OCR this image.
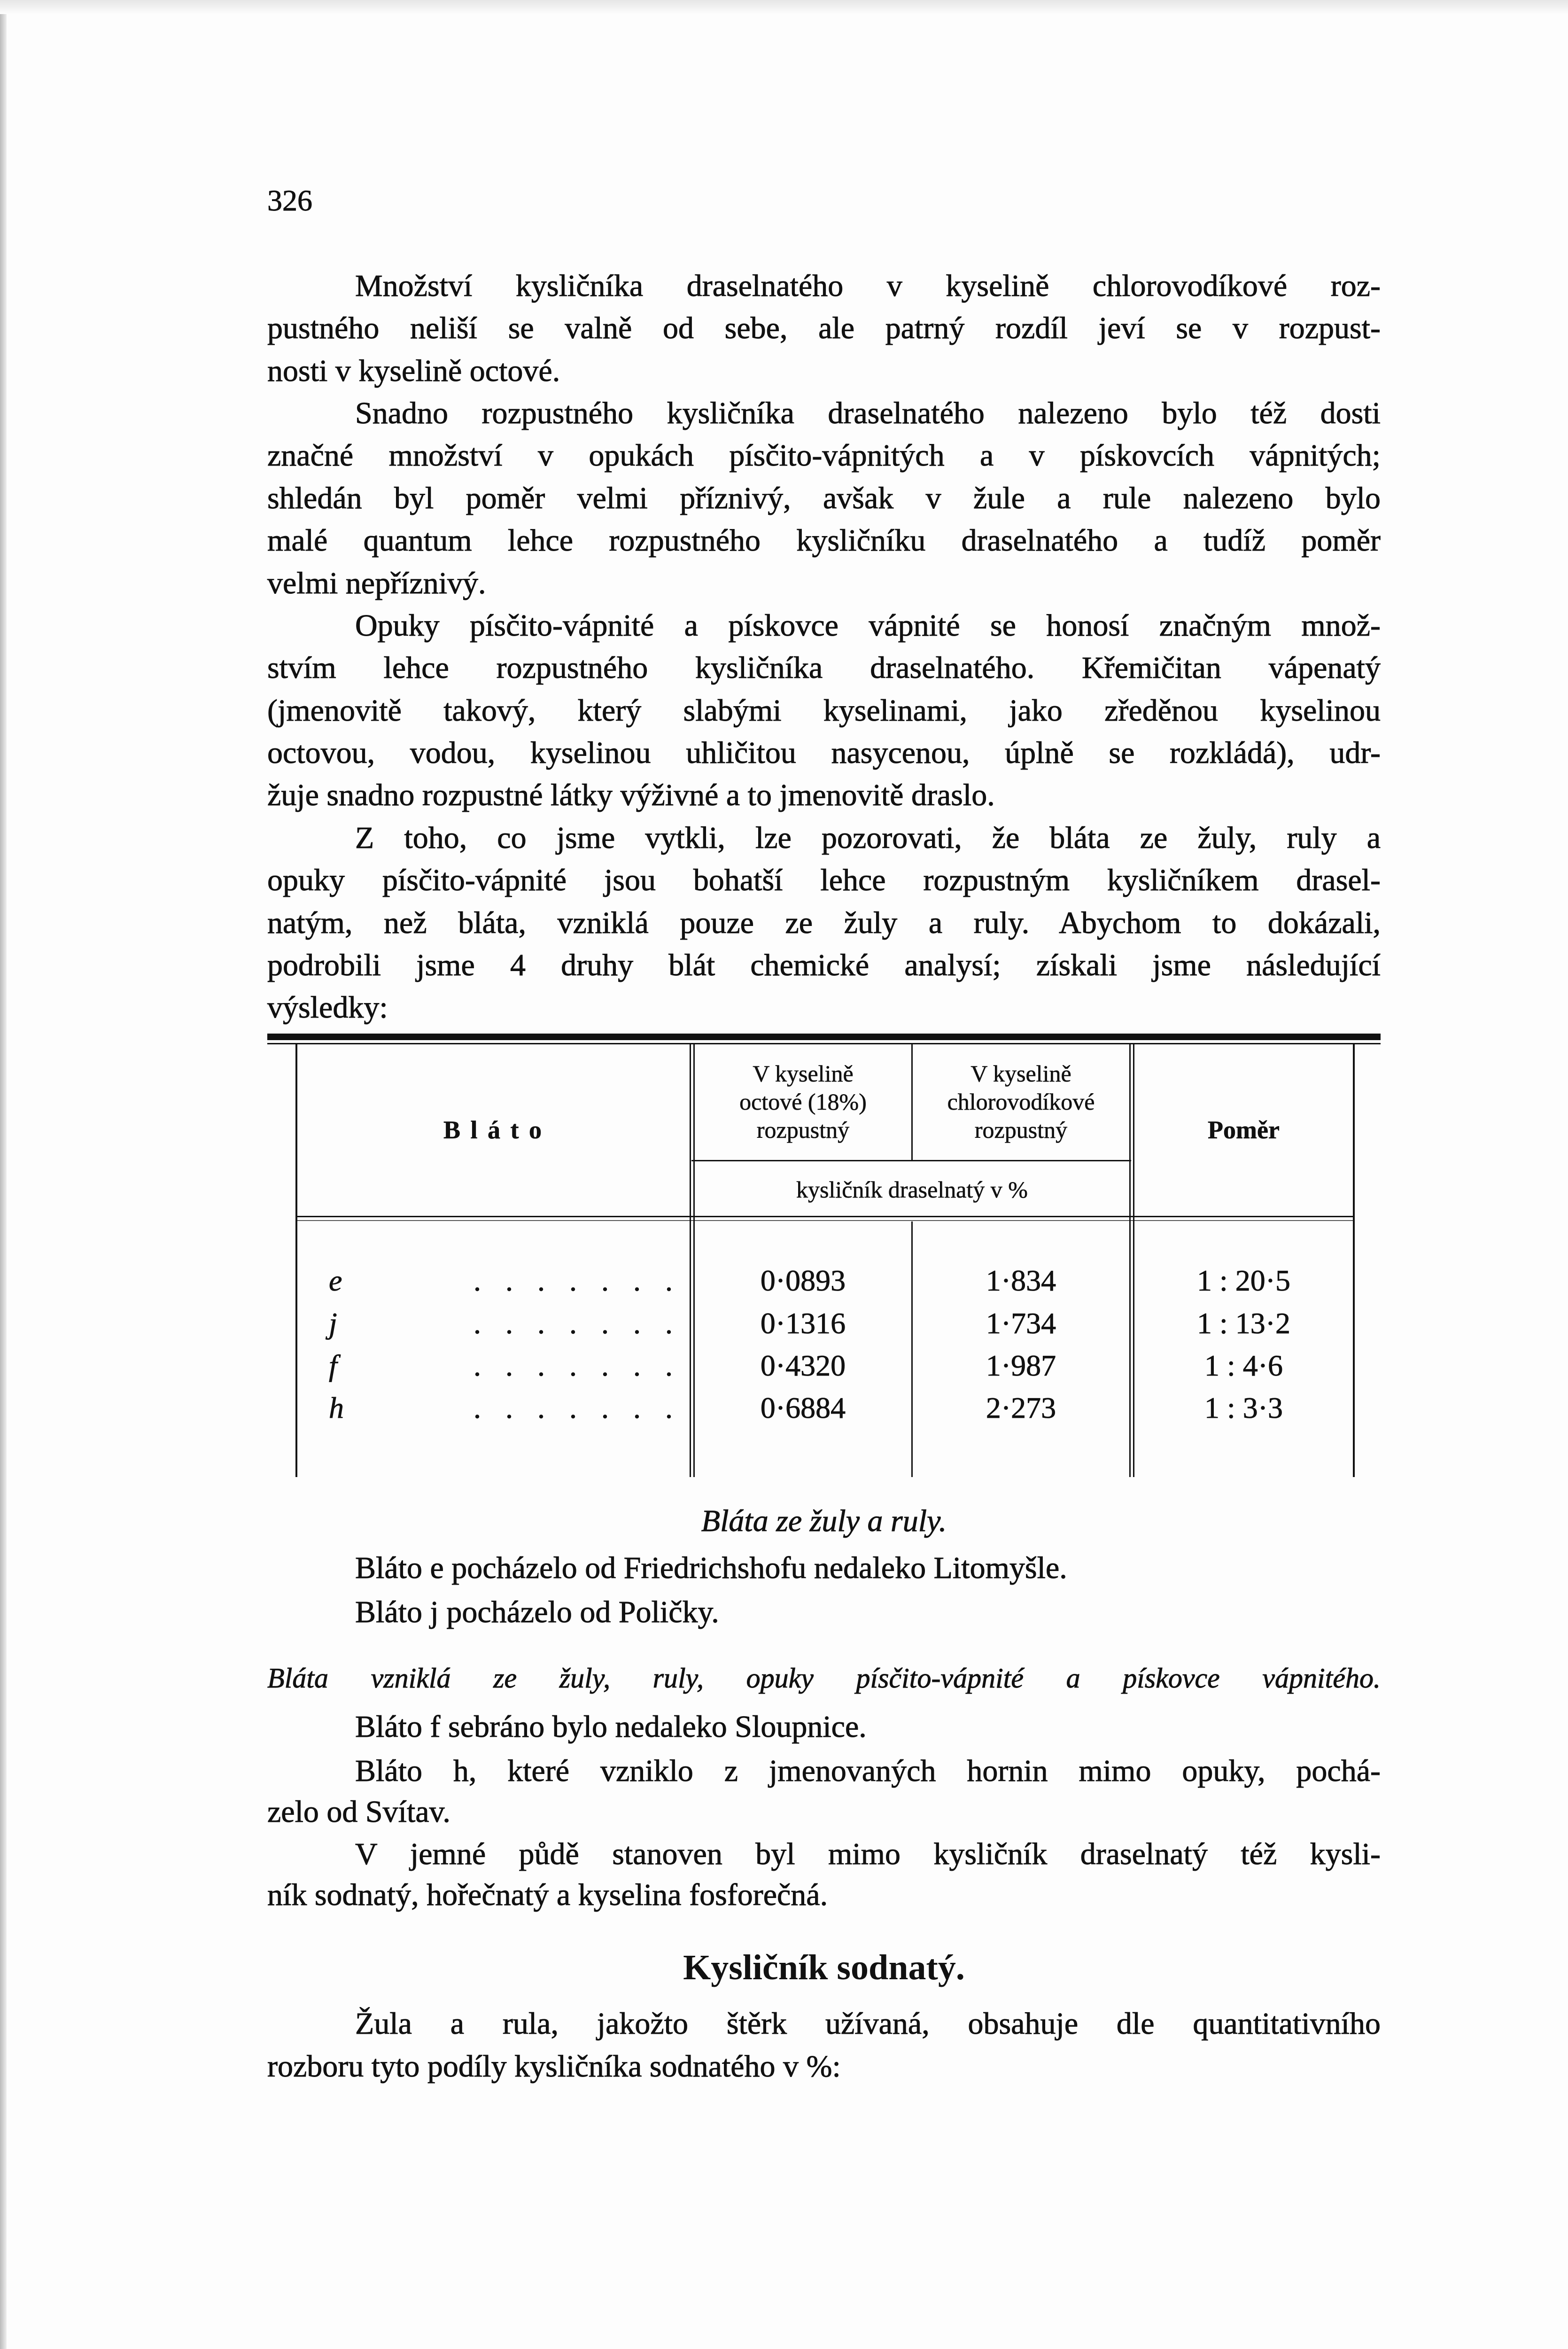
326
Množství kysličníka draselnatého v kyselině chlorovodíkové roz-
pustného neliší se valně od sebe, ale patrný rozdíl jeví se v rozpust-
nosti v kyselině octové.
Snadno rozpustného kysličníka draselnatého nalezeno bylo též dosti
značné množství v opukách písčito-vápnitých a v pískovcích vápnitých;
shledán byl poměr velmi příznivý, avšak v žule a rule nalezeno bylo
malé quantum lehce rozpustného kysličníku draselnatého a tudíž poměr
velmi nepříznivý.
Opuky písčito-vápnité a pískovce vápnité se honosí značným množ-
stvím lehce rozpustného kysličníka draselnatého. Křemičitan vápenatý
(jmenovitě takový, který slabými kyselinami, jako zředěnou kyselinou
octovou, vodou, kyselinou uhličitou nasycenou, úplně se rozkládá), udr-
žuje snadno rozpustné látky výživné a to jmenovitě draslo.
Z toho, co jsme vytkli, lze pozorovati, že bláta ze žuly, ruly a
opuky písčito-vápnité jsou bohatší lehce rozpustným kysličníkem drasel-
natým, než bláta, vzniklá pouze ze žuly a ruly. Abychom to dokázali,
podrobili jsme 4 druhy blát chemické analysí; získali jsme následující
výsledky:
B l á t o
V kyselině
octové (18%)
rozpustný
V kyselině
chlorovodíkové
rozpustný	Poměr
kysličník draselnatý v %
e	. . . . . . .	0·0893	1·834	1 : 20·5
j	. . . . . . .	0·1316	1·734	1 : 13·2
f	. . . . . . .	0·4320	1·987	1 : 4·6
h	. . . . . . .	0·6884	2·273	1 : 3·3
Bláta ze žuly a ruly.
Bláto e pocházelo od Friedrichshofu nedaleko Litomyšle.
Bláto j pocházelo od Poličky.
Bláta vzniklá ze žuly, ruly, opuky písčito-vápnité a pískovce vápnitého.
Bláto f sebráno bylo nedaleko Sloupnice.
Bláto h, které vzniklo z jmenovaných hornin mimo opuky, pochá-
zelo od Svítav.
V jemné půdě stanoven byl mimo kysličník draselnatý též kysli-
ník sodnatý, hořečnatý a kyselina fosforečná.
Kysličník sodnatý.
Žula a rula, jakožto štěrk užívaná, obsahuje dle quantitativního
rozboru tyto podíly kysličníka sodnatého v %:
